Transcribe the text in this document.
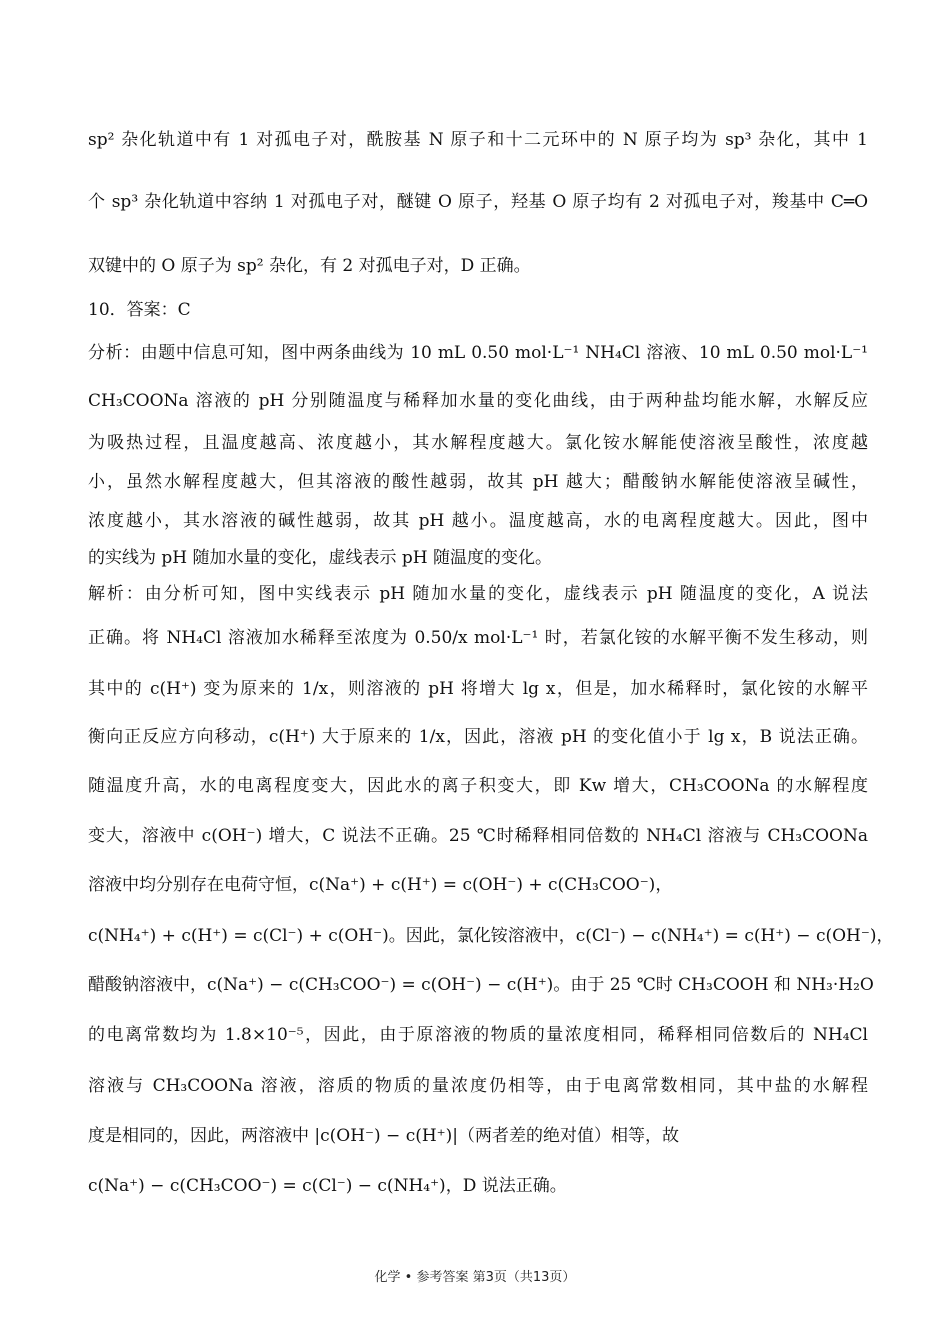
sp² 杂化轨道中有 1 对孤电子对，酰胺基 N 原子和十二元环中的 N 原子均为 sp³ 杂化，其中 1
个 sp³ 杂化轨道中容纳 1 对孤电子对，醚键 O 原子，羟基 O 原子均有 2 对孤电子对，羧基中 C═O
双键中的 O 原子为 sp² 杂化，有 2 对孤电子对，D 正确。
10．答案：C
分析：由题中信息可知，图中两条曲线为 10 mL 0.50 mol·L⁻¹ NH₄Cl 溶液、10 mL 0.50 mol·L⁻¹
CH₃COONa 溶液的 pH 分别随温度与稀释加水量的变化曲线，由于两种盐均能水解，水解反应
为吸热过程，且温度越高、浓度越小，其水解程度越大。氯化铵水解能使溶液呈酸性，浓度越
小，虽然水解程度越大，但其溶液的酸性越弱，故其 pH 越大；醋酸钠水解能使溶液呈碱性，
浓度越小，其水溶液的碱性越弱，故其 pH 越小。温度越高，水的电离程度越大。因此，图中
的实线为 pH 随加水量的变化，虚线表示 pH 随温度的变化。
解析：由分析可知，图中实线表示 pH 随加水量的变化，虚线表示 pH 随温度的变化，A 说法
正确。将 NH₄Cl 溶液加水稀释至浓度为 0.50/x mol·L⁻¹ 时，若氯化铵的水解平衡不发生移动，则
其中的 c(H⁺) 变为原来的 1/x，则溶液的 pH 将增大 lg x，但是，加水稀释时，氯化铵的水解平
衡向正反应方向移动，c(H⁺) 大于原来的 1/x，因此，溶液 pH 的变化值小于 lg x，B 说法正确。
随温度升高，水的电离程度变大，因此水的离子积变大，即 Kw 增大，CH₃COONa 的水解程度
变大，溶液中 c(OH⁻) 增大，C 说法不正确。25 ℃时稀释相同倍数的 NH₄Cl 溶液与 CH₃COONa
溶液中均分别存在电荷守恒，c(Na⁺) + c(H⁺) = c(OH⁻) + c(CH₃COO⁻)，
c(NH₄⁺) + c(H⁺) = c(Cl⁻) + c(OH⁻)。因此，氯化铵溶液中，c(Cl⁻) − c(NH₄⁺) = c(H⁺) − c(OH⁻)，
醋酸钠溶液中，c(Na⁺) − c(CH₃COO⁻) = c(OH⁻) − c(H⁺)。由于 25 ℃时 CH₃COOH 和 NH₃·H₂O
的电离常数均为 1.8×10⁻⁵，因此，由于原溶液的物质的量浓度相同，稀释相同倍数后的 NH₄Cl
溶液与 CH₃COONa 溶液，溶质的物质的量浓度仍相等，由于电离常数相同，其中盐的水解程
度是相同的，因此，两溶液中 |c(OH⁻) − c(H⁺)|（两者差的绝对值）相等，故
c(Na⁺) − c(CH₃COO⁻) = c(Cl⁻) − c(NH₄⁺)，D 说法正确。
化学 • 参考答案 第3页（共13页）
